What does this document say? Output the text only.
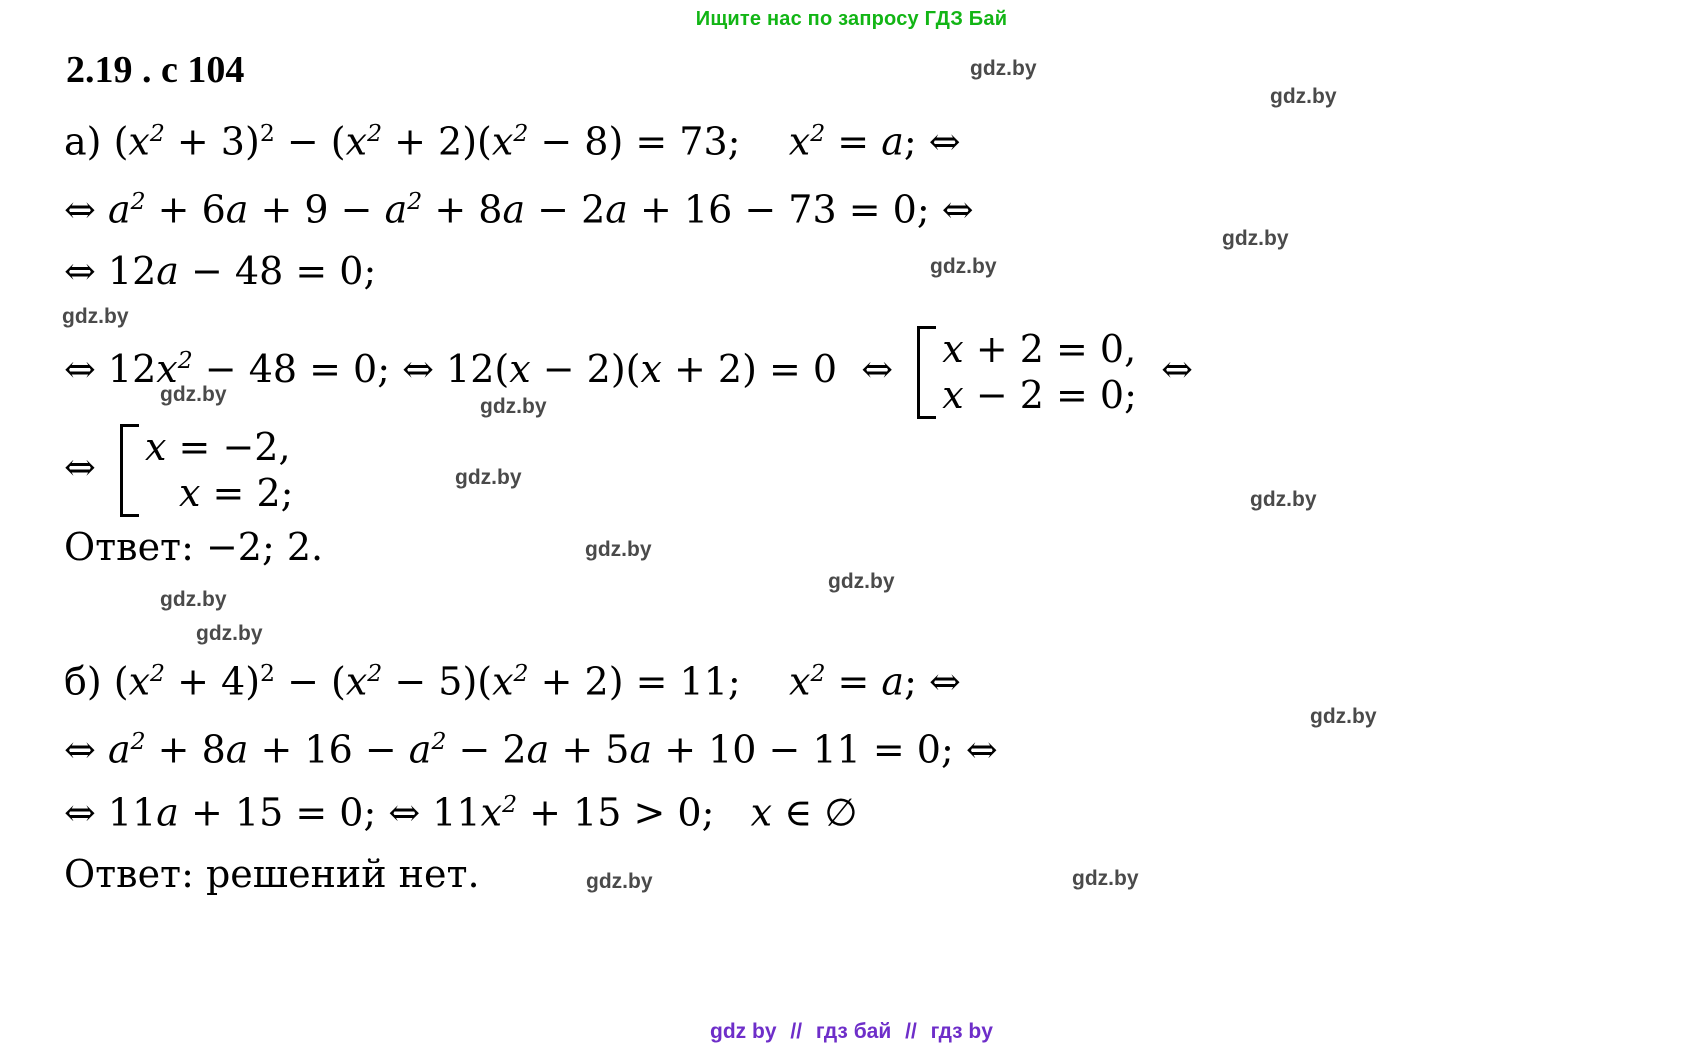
Ищите нас по запросу ГДЗ Бай
2.19 . с 104
а) $(x^2 + 3)^2 - (x^2 + 2)(x^2 - 8) = 73$;    $x^2 = a$; ⇔
⇔ $a^2 + 6a + 9 - a^2 + 8a - 2a + 16 - 73 = 0$; ⇔
⇔ 12a − 48 = 0;
⇔ $12x^2 - 48 = 0$; ⇔ 12(x − 2)(x + 2) = 0  ⇔ x + 2 = 0,
x − 2 = 0;
⇔
⇔ x = −2,
x = 2;
Ответ: −2; 2.
б) $(x^2 + 4)^2 - (x^2 - 5)(x^2 + 2) = 11$;    $x^2 = a$; ⇔
⇔ $a^2 + 8a + 16 - a^2 - 2a + 5a + 10 - 11 = 0$; ⇔
⇔ 11a + 15 = 0; ⇔ $11x^2 + 15 > 0$;   x ∈ ∅
Ответ: решений нет.
gdz.by
gdz.by
gdz.by
gdz.by
gdz.by
gdz.by
gdz.by
gdz.by
gdz.by
gdz.by
gdz.by
gdz.by
gdz.by
gdz.by
gdz.by	gdz.by
gdz by // гдз бай // гдз by
